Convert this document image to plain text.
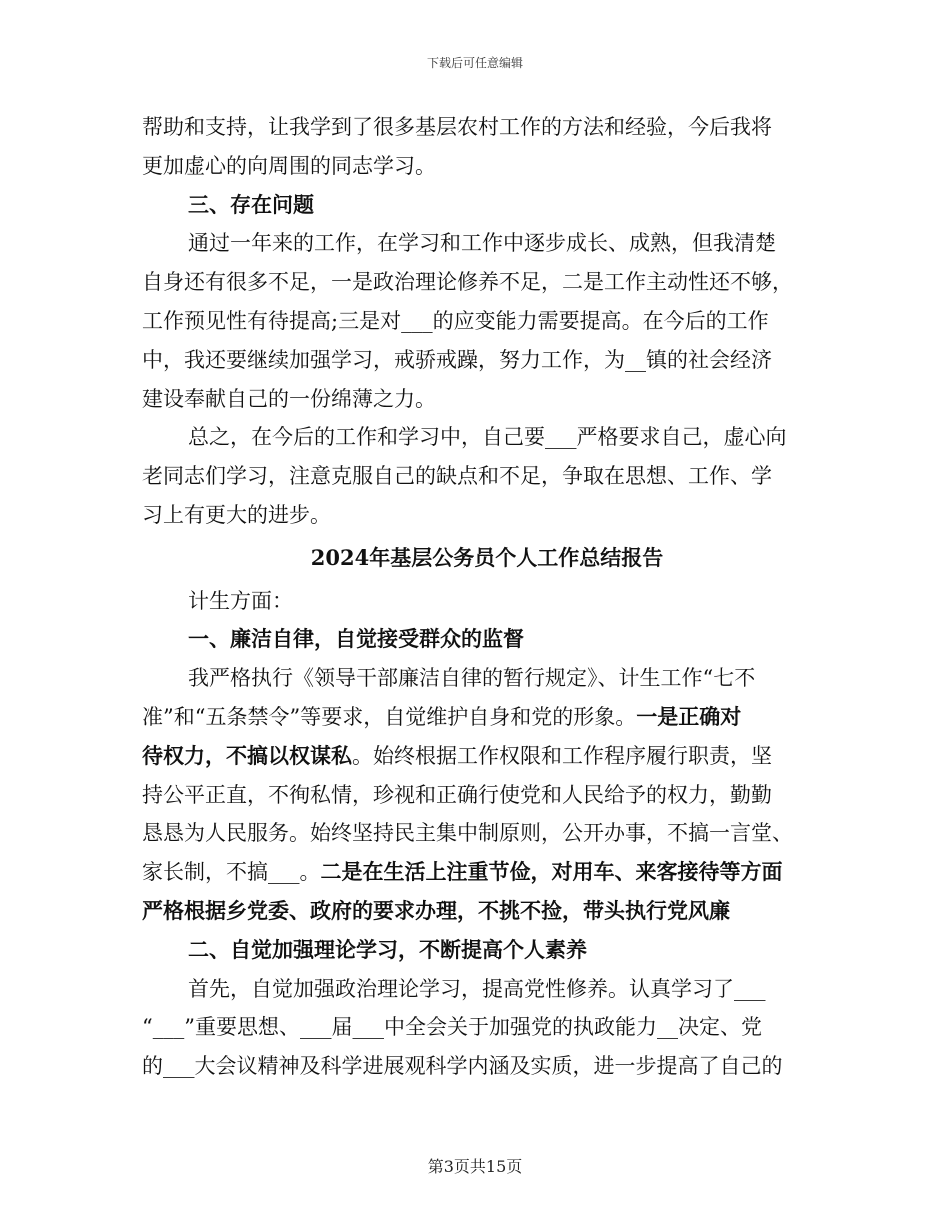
下载后可任意编辑
帮助和支持，让我学到了很多基层农村工作的方法和经验，今后我将
更加虚心的向周围的同志学习。
三、存在问题
通过一年来的工作，在学习和工作中逐步成长、成熟，但我清楚
自身还有很多不足，一是政治理论修养不足，二是工作主动性还不够，
工作预见性有待提高;三是对___的应变能力需要提高。在今后的工作
中，我还要继续加强学习，戒骄戒躁，努力工作，为__镇的社会经济
建设奉献自己的一份绵薄之力。
总之，在今后的工作和学习中，自己要___严格要求自己，虚心向
老同志们学习，注意克服自己的缺点和不足，争取在思想、工作、学
习上有更大的进步。
2024年基层公务员个人工作总结报告
计生方面：
一、廉洁自律，自觉接受群众的监督
我严格执行《领导干部廉洁自律的暂行规定》、计生工作“七不
准”和“五条禁令”等要求，自觉维护自身和党的形象。一是正确对
待权力，不搞以权谋私。始终根据工作权限和工作程序履行职责，坚
持公平正直，不徇私情，珍视和正确行使党和人民给予的权力，勤勤
恳恳为人民服务。始终坚持民主集中制原则，公开办事，不搞一言堂、
家长制，不搞___。二是在生活上注重节俭，对用车、来客接待等方面
严格根据乡党委、政府的要求办理，不挑不捡，带头执行党风廉
二、自觉加强理论学习，不断提高个人素养
首先，自觉加强政治理论学习，提高党性修养。认真学习了___
“___”重要思想、___届___中全会关于加强党的执政能力__决定、党
的___大会议精神及科学进展观科学内涵及实质，进一步提高了自己的
第3页共15页
